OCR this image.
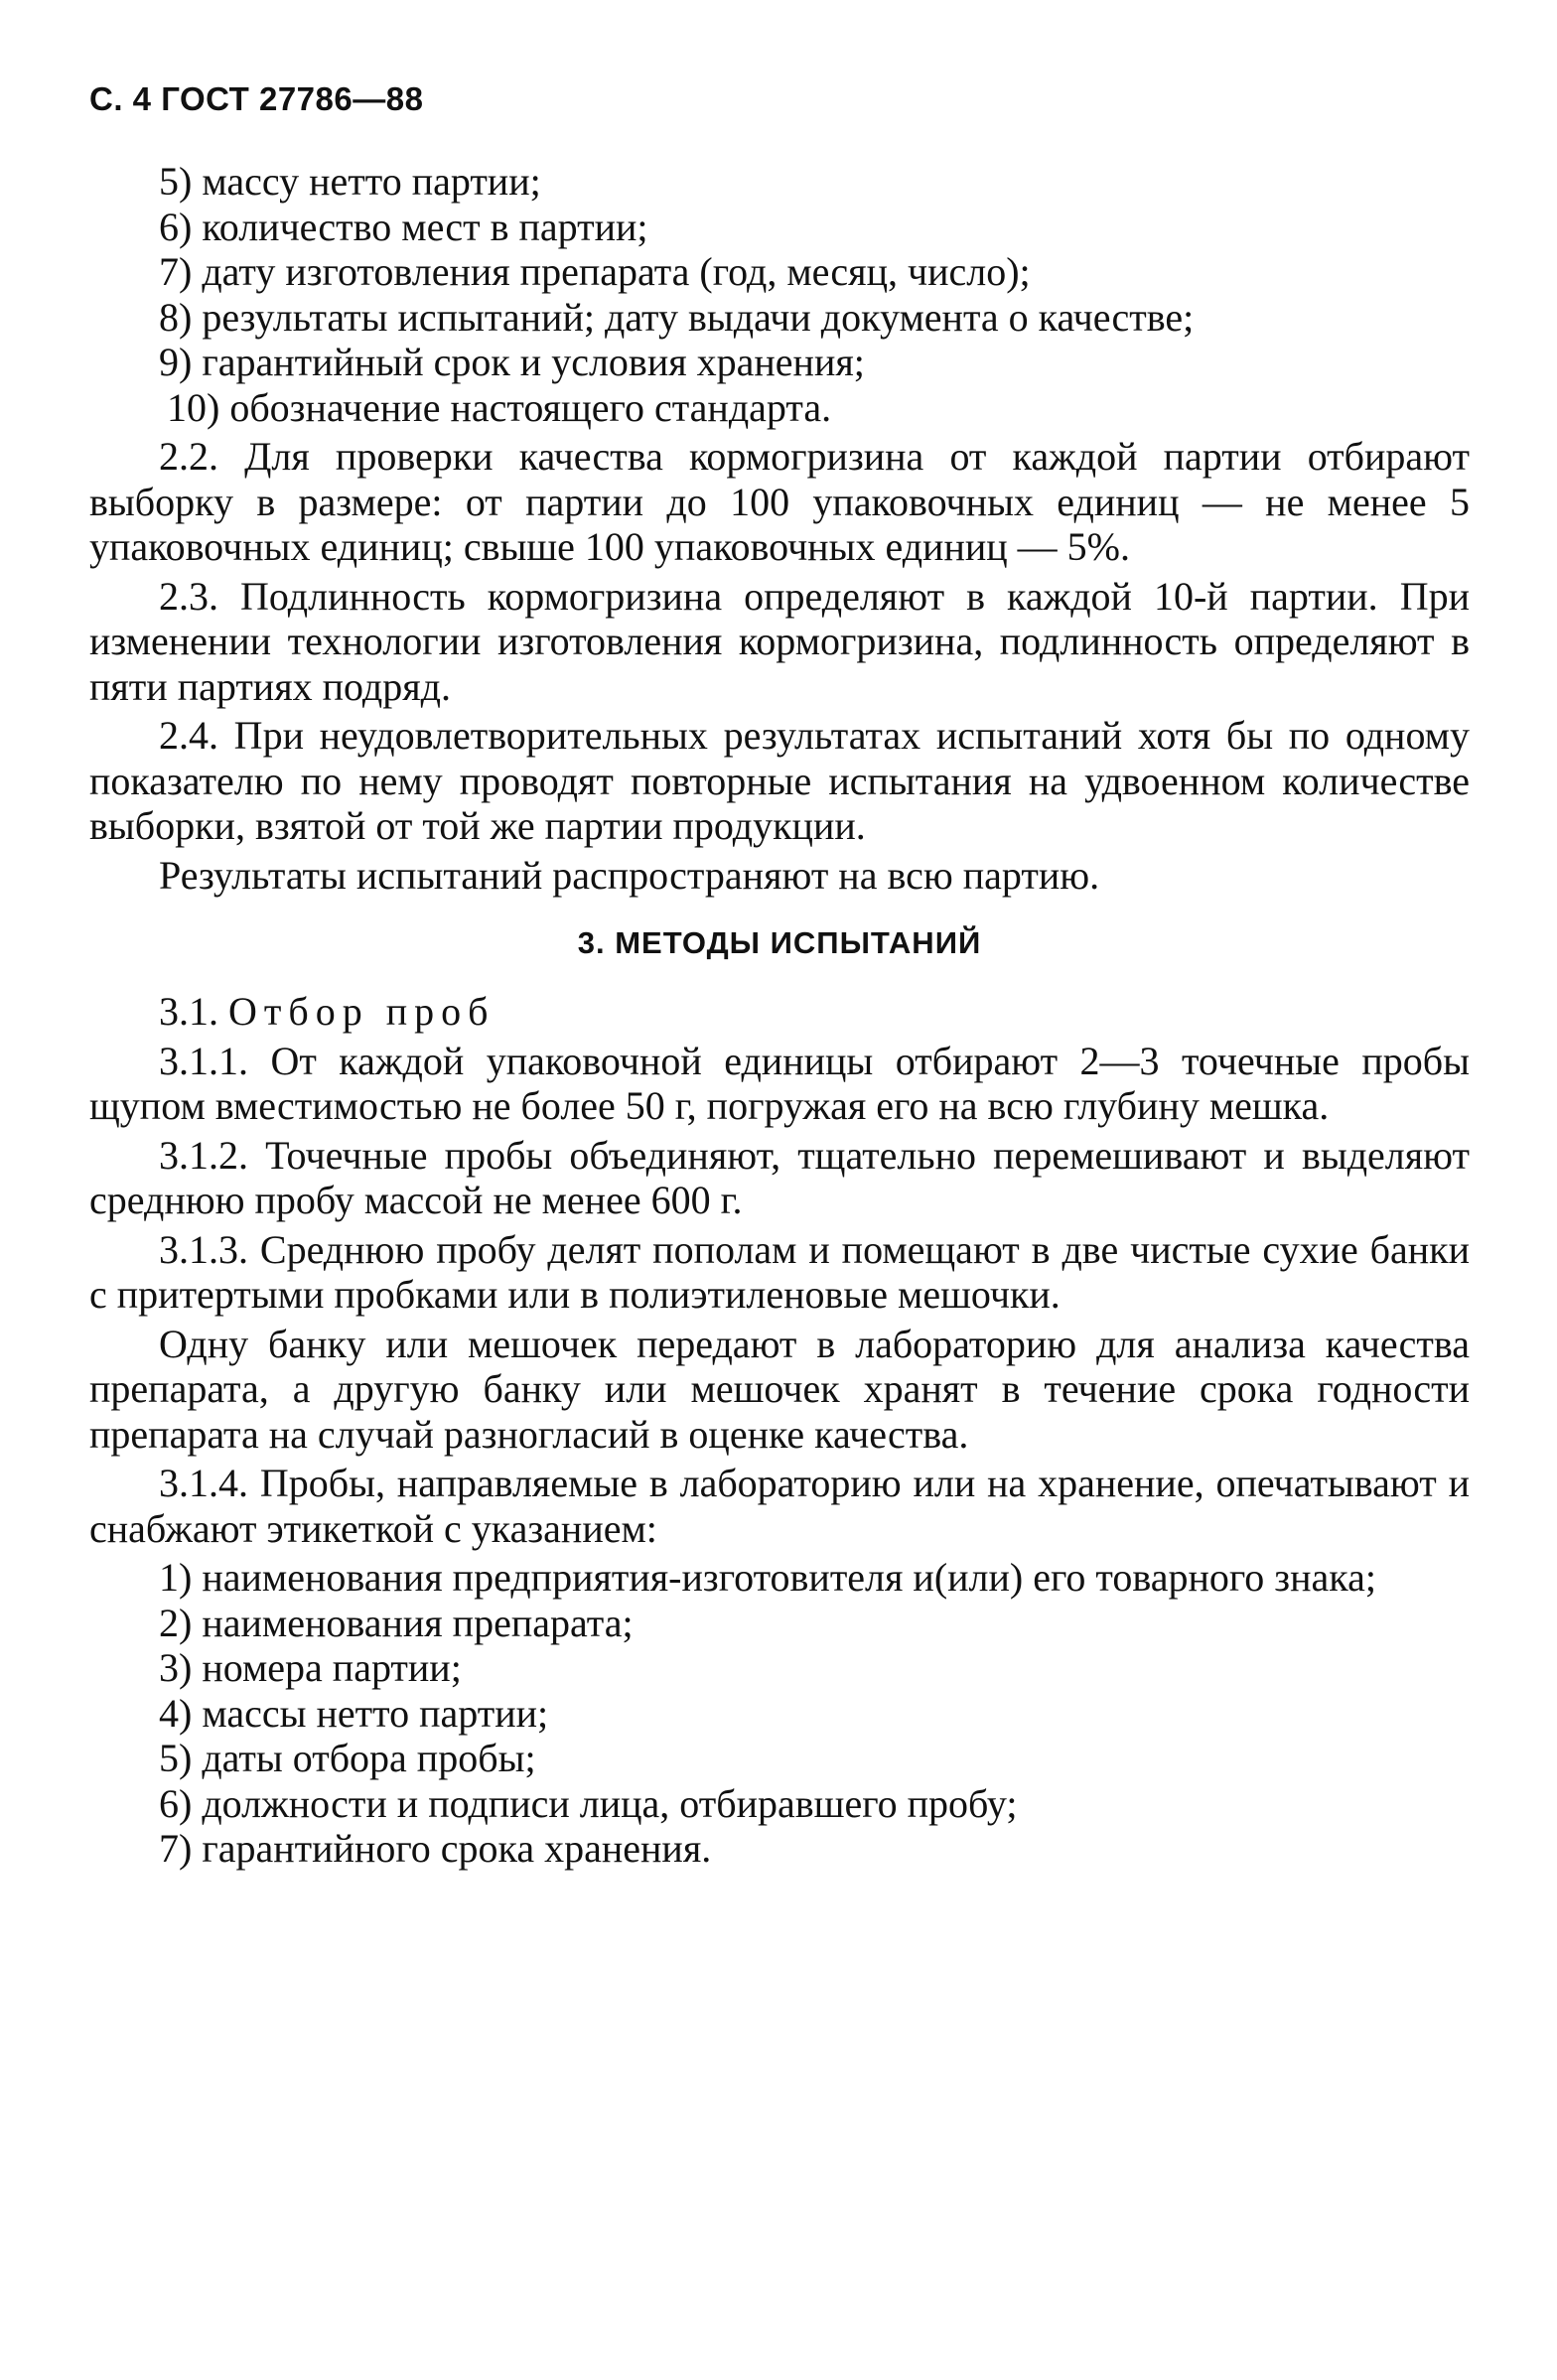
С. 4 ГОСТ 27786—88
5) массу нетто партии;
6) количество мест в партии;
7) дату изготовления препарата (год, месяц, число);
8) результаты испытаний; дату выдачи документа о качестве;
9) гарантийный срок и условия хранения;
10) обозначение настоящего стандарта.
2.2. Для проверки качества кормогризина от каждой партии отбирают выборку в размере: от партии до 100 упаковочных единиц — не менее 5 упаковочных единиц; свыше 100 упаковочных единиц — 5%.
2.3. Подлинность кормогризина определяют в каждой 10-й партии. При изменении технологии изготовления кормогризина, подлинность определяют в пяти партиях подряд.
2.4. При неудовлетворительных результатах испытаний хотя бы по одному показателю по нему проводят повторные испытания на удвоенном количестве выборки, взятой от той же партии продукции.
Результаты испытаний распространяют на всю партию.
3. МЕТОДЫ ИСПЫТАНИЙ
3.1. Отбор проб
3.1.1. От каждой упаковочной единицы отбирают 2—3 точечные пробы щупом вместимостью не более 50 г, погружая его на всю глубину мешка.
3.1.2. Точечные пробы объединяют, тщательно перемешивают и выделяют среднюю пробу массой не менее 600 г.
3.1.3. Среднюю пробу делят пополам и помещают в две чистые сухие банки с притертыми пробками или в полиэтиленовые мешочки.
Одну банку или мешочек передают в лабораторию для анализа качества препарата, а другую банку или мешочек хранят в течение срока годности препарата на случай разногласий в оценке качества.
3.1.4. Пробы, направляемые в лабораторию или на хранение, опечатывают и снабжают этикеткой с указанием:
1) наименования предприятия-изготовителя и(или) его товарного знака;
2) наименования препарата;
3) номера партии;
4) массы нетто партии;
5) даты отбора пробы;
6) должности и подписи лица, отбиравшего пробу;
7) гарантийного срока хранения.
